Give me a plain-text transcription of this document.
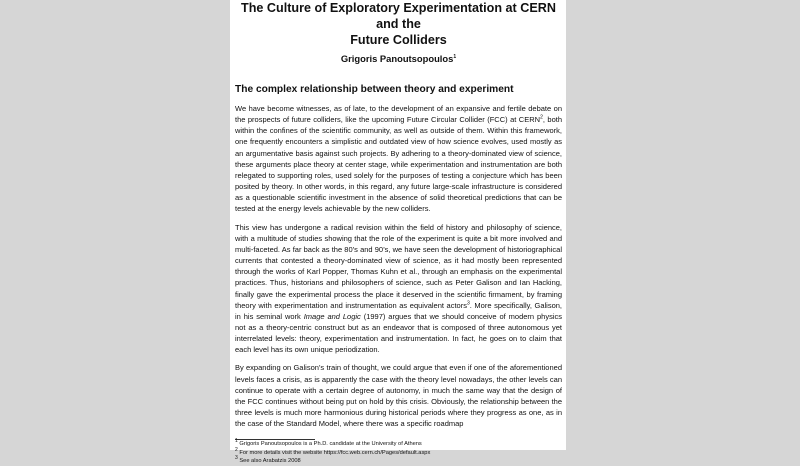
The Culture of Exploratory Experimentation at CERN and the
Future Colliders
Grigoris Panoutsopoulos$^1$
The complex relationship between theory and experiment

We have become witnesses, as of late, to the development of an expansive and fertile debate on the prospects of future colliders, like the upcoming Future Circular Collider (FCC) at CERN$^2$, both within the confines of the scientific community, as well as outside of them. Within this framework, one frequently encounters a simplistic and outdated view of how science evolves, used mostly as an argumentative basis against such projects. By adhering to a theory-dominated view of science, these arguments place theory at center stage, while experimentation and instrumentation are both relegated to supporting roles, used solely for the purposes of testing a conjecture which has been posited by theory. In other words, in this regard, any future large-scale infrastructure is considered as a questionable scientific investment in the absence of solid theoretical predictions that can be tested at the energy levels achievable by the new colliders.

This view has undergone a radical revision within the field of history and philosophy of science, with a multitude of studies showing that the role of the experiment is quite a bit more involved and multi-faceted. As far back as the 80’s and 90’s, we have seen the development of historiographical currents that contested a theory-dominated view of science, as it had mostly been represented through the works of Karl Popper, Thomas Kuhn et al., through an emphasis on the experimental practices. Thus, historians and philosophers of science, such as Peter Galison and Ian Hacking, finally gave the experimental process the place it deserved in the scientific firmament, by framing theory with experimentation and instrumentation as equivalent actors$^3$. More specifically, Galison, in his seminal work Image and Logic (1997) argues that we should conceive of modern physics not as a theory-centric construct but as an endeavor that is composed of three autonomous yet interrelated levels: theory, experimentation and instrumentation. In fact, he goes on to claim that each level has its own unique periodization.

By expanding on Galison’s train of thought, we could argue that even if one of the aforementioned levels faces a crisis, as is apparently the case with the theory level nowadays, the other levels can continue to operate with a certain degree of autonomy, in much the same way that the design of the FCC continues without being put on hold by this crisis. Obviously, the relationship between the three levels is much more harmonious during historical periods where they progress as one, as in the case of the Standard Model, where there was a specific roadmap

$^1$ Grigoris Panoutsopoulos is a Ph.D. candidate at the University of Athens

$^2$ For more details visit the website https://fcc.web.cern.ch/Pages/default.aspx

$^3$ See also Arabatzis 2008
